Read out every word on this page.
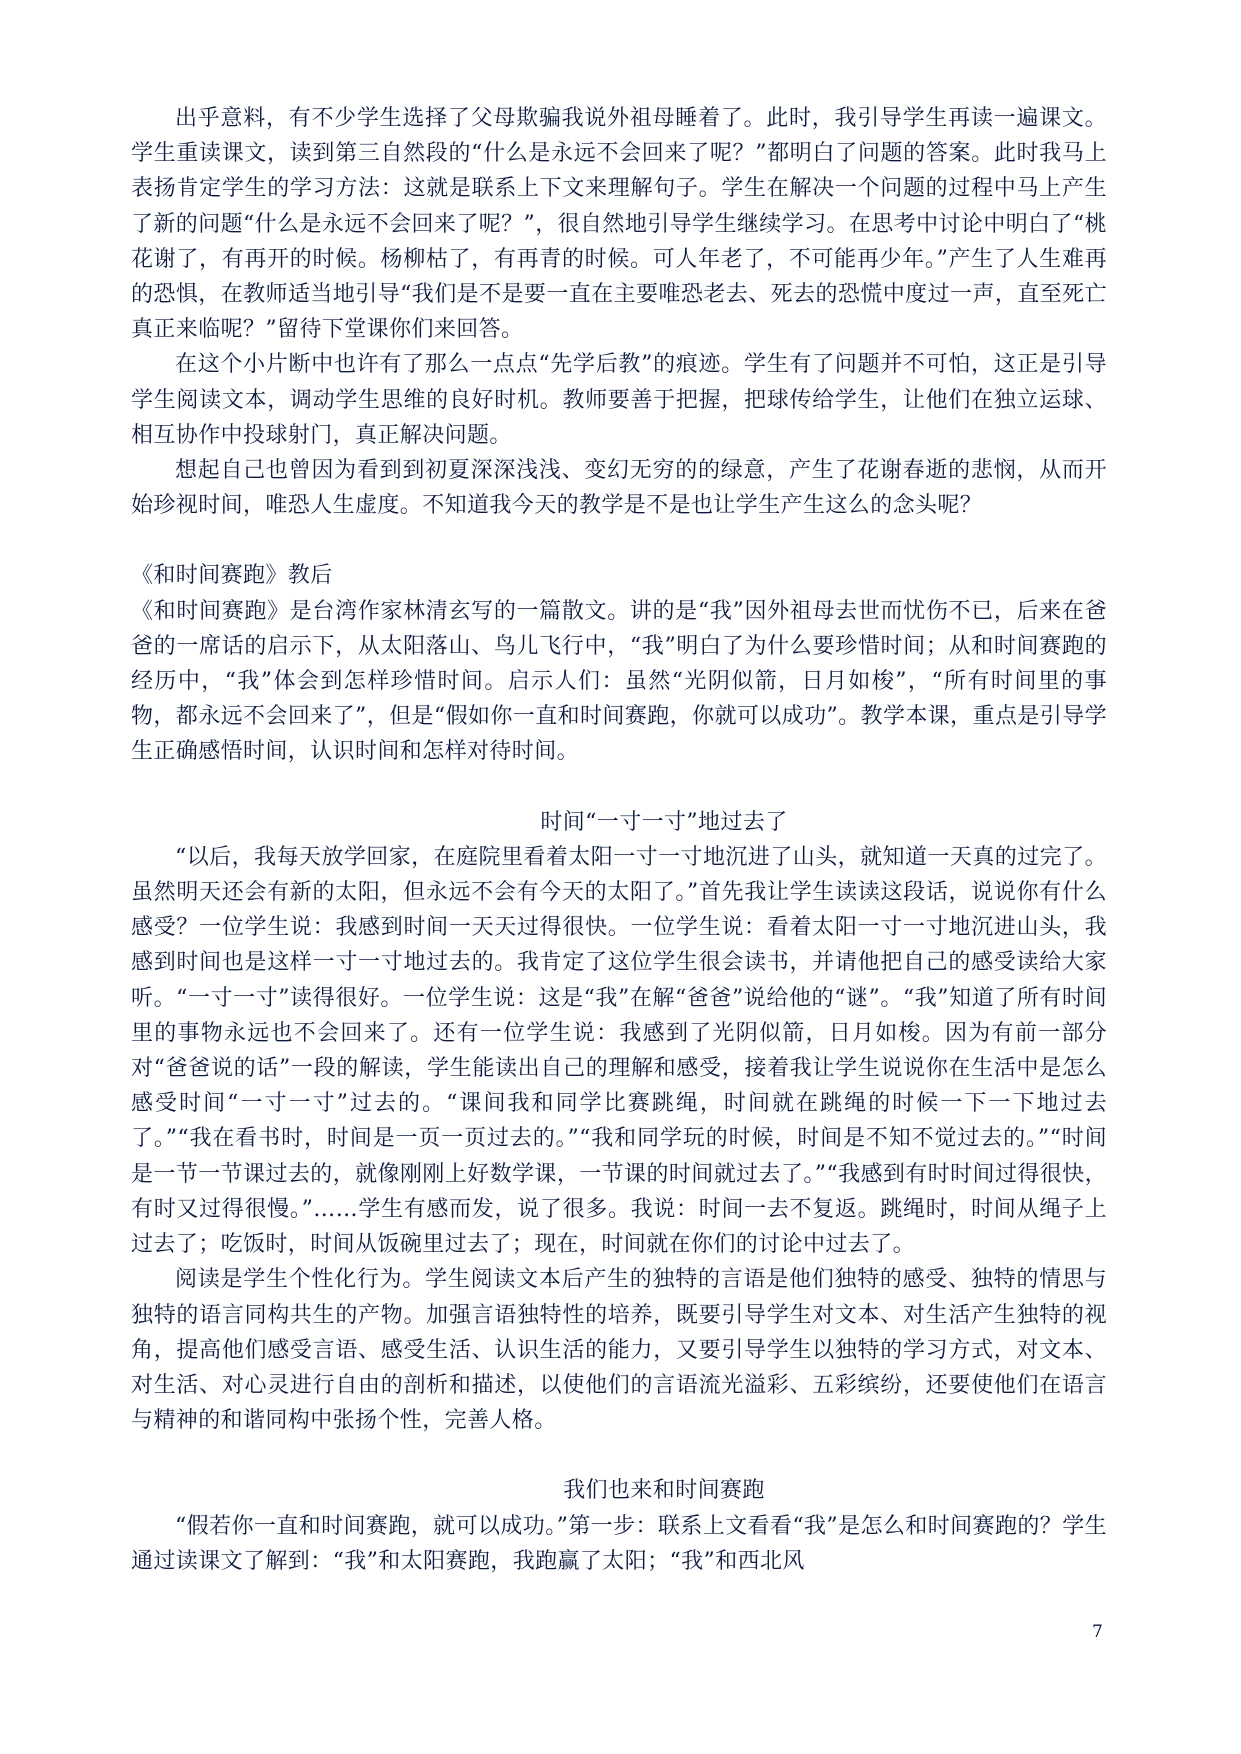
出乎意料，有不少学生选择了父母欺骗我说外祖母睡着了。此时，我引导学生再读一遍课文。学生重读课文，读到第三自然段的“什么是永远不会回来了呢？”都明白了问题的答案。此时我马上表扬肯定学生的学习方法：这就是联系上下文来理解句子。学生在解决一个问题的过程中马上产生了新的问题“什么是永远不会回来了呢？”，很自然地引导学生继续学习。在思考中讨论中明白了“桃花谢了，有再开的时候。杨柳枯了，有再青的时候。可人年老了，不可能再少年。”产生了人生难再的恐惧，在教师适当地引导“我们是不是要一直在主要唯恐老去、死去的恐慌中度过一声，直至死亡真正来临呢？”留待下堂课你们来回答。

在这个小片断中也许有了那么一点点“先学后教”的痕迹。学生有了问题并不可怕，这正是引导学生阅读文本，调动学生思维的良好时机。教师要善于把握，把球传给学生，让他们在独立运球、相互协作中投球射门，真正解决问题。

想起自己也曾因为看到到初夏深深浅浅、变幻无穷的的绿意，产生了花谢春逝的悲悯，从而开始珍视时间，唯恐人生虚度。不知道我今天的教学是不是也让学生产生这么的念头呢？

《和时间赛跑》教后

《和时间赛跑》是台湾作家林清玄写的一篇散文。讲的是“我”因外祖母去世而忧伤不已，后来在爸爸的一席话的启示下，从太阳落山、鸟儿飞行中，“我”明白了为什么要珍惜时间；从和时间赛跑的经历中，“我”体会到怎样珍惜时间。启示人们：虽然“光阴似箭，日月如梭”，“所有时间里的事物，都永远不会回来了”，但是“假如你一直和时间赛跑，你就可以成功”。教学本课，重点是引导学生正确感悟时间，认识时间和怎样对待时间。

时间“一寸一寸”地过去了

“以后，我每天放学回家，在庭院里看着太阳一寸一寸地沉进了山头，就知道一天真的过完了。虽然明天还会有新的太阳，但永远不会有今天的太阳了。”首先我让学生读读这段话，说说你有什么感受？一位学生说：我感到时间一天天过得很快。一位学生说：看着太阳一寸一寸地沉进山头，我感到时间也是这样一寸一寸地过去的。我肯定了这位学生很会读书，并请他把自己的感受读给大家听。“一寸一寸”读得很好。一位学生说：这是“我”在解“爸爸”说给他的“谜”。“我”知道了所有时间里的事物永远也不会回来了。还有一位学生说：我感到了光阴似箭，日月如梭。因为有前一部分对“爸爸说的话”一段的解读，学生能读出自己的理解和感受，接着我让学生说说你在生活中是怎么感受时间“一寸一寸”过去的。“课间我和同学比赛跳绳，时间就在跳绳的时候一下一下地过去了。”“我在看书时，时间是一页一页过去的。”“我和同学玩的时候，时间是不知不觉过去的。”“时间是一节一节课过去的，就像刚刚上好数学课，一节课的时间就过去了。”“我感到有时时间过得很快，有时又过得很慢。”……学生有感而发，说了很多。我说：时间一去不复返。跳绳时，时间从绳子上过去了；吃饭时，时间从饭碗里过去了；现在，时间就在你们的讨论中过去了。

阅读是学生个性化行为。学生阅读文本后产生的独特的言语是他们独特的感受、独特的情思与独特的语言同构共生的产物。加强言语独特性的培养，既要引导学生对文本、对生活产生独特的视角，提高他们感受言语、感受生活、认识生活的能力，又要引导学生以独特的学习方式，对文本、对生活、对心灵进行自由的剖析和描述，以使他们的言语流光溢彩、五彩缤纷，还要使他们在语言与精神的和谐同构中张扬个性，完善人格。

我们也来和时间赛跑

“假若你一直和时间赛跑，就可以成功。”第一步：联系上文看看“我”是怎么和时间赛跑的？学生通过读课文了解到：“我”和太阳赛跑，我跑赢了太阳；“我”和西北风

7
